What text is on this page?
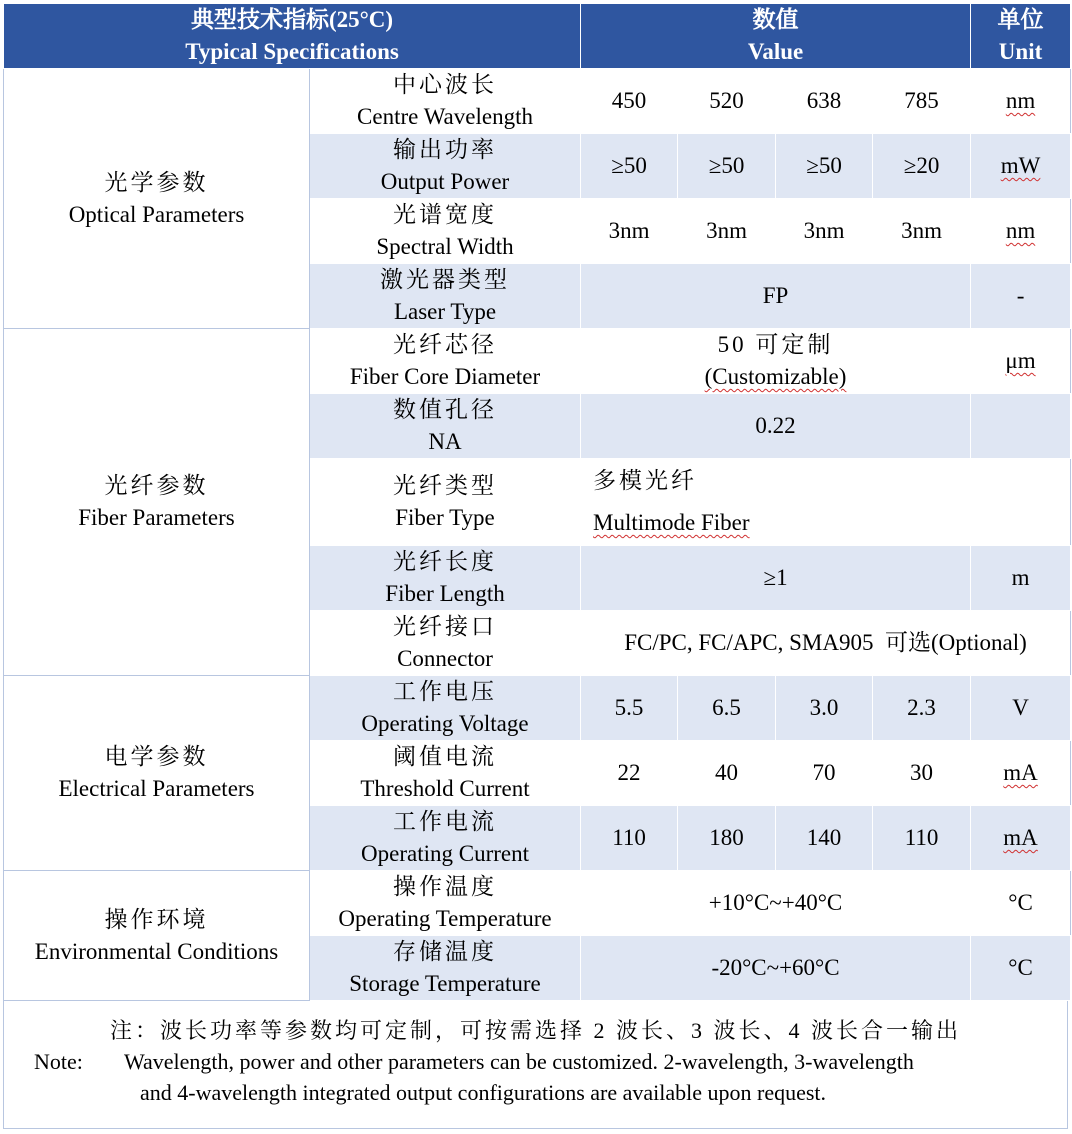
典型技术指标(25°C)
Typical Specifications		数值
Value				单位
Unit

光学参数
Optical Parameters	中心波长
Centre Wavelength	450	520	638	785	nm

	输出功率
Output Power	≥50	≥50	≥50	≥20	mW

	光谱宽度
Spectral Width	3nm	3nm	3nm	3nm	nm

	激光器类型
Laser Type	FP				-

光纤参数
Fiber Parameters	光纤芯径
Fiber Core Diameter	50 可定制
(Customizable)				μm

	数值孔径
NA	0.22				

	光纤类型
Fiber Type	多模光纤
Multimode Fiber				

	光纤长度
Fiber Length	≥1				m

	光纤接口
Connector	FC/PC, FC/APC, SMA905 可选(Optional)				

电学参数
Electrical Parameters	工作电压
Operating Voltage	5.5	6.5	3.0	2.3	V

	阈值电流
Threshold Current	22	40	70	30	mA

	工作电流
Operating Current	110	180	140	110	mA

操作环境
Environmental Conditions	操作温度
Operating Temperature	+10°C~+40°C				°C

	存储温度
Storage Temperature	-20°C~+60°C				°C
注：波长功率等参数均可定制，可按需选择 2 波长、3 波长、4 波长合一输出
Note:	Wavelength, power and other parameters can be customized. 2-wavelength, 3-wavelength
and 4-wavelength integrated output configurations are available upon request.
